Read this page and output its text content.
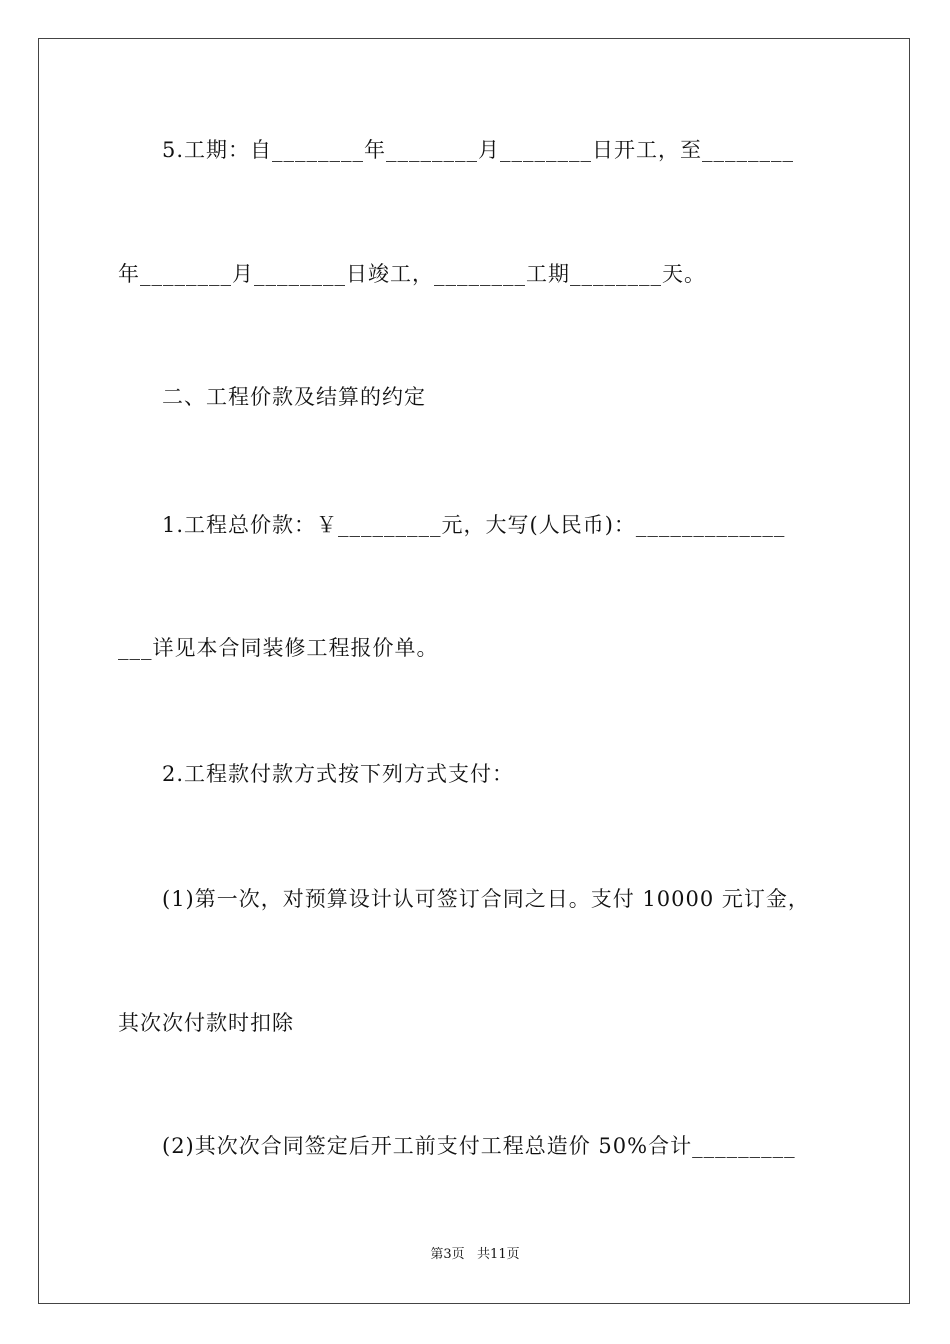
5.工期：自________年________月________日开工，至________
年________月________日竣工，________工期________天。
二、工程价款及结算的约定
1.工程总价款：￥_________元，大写(人民币)：_____________
___详见本合同装修工程报价单。
2.工程款付款方式按下列方式支付：
(1)第一次，对预算设计认可签订合同之日。支付 10000 元订金，
其次次付款时扣除
(2)其次次合同签定后开工前支付工程总造价 50%合计_________
第3页   共11页
